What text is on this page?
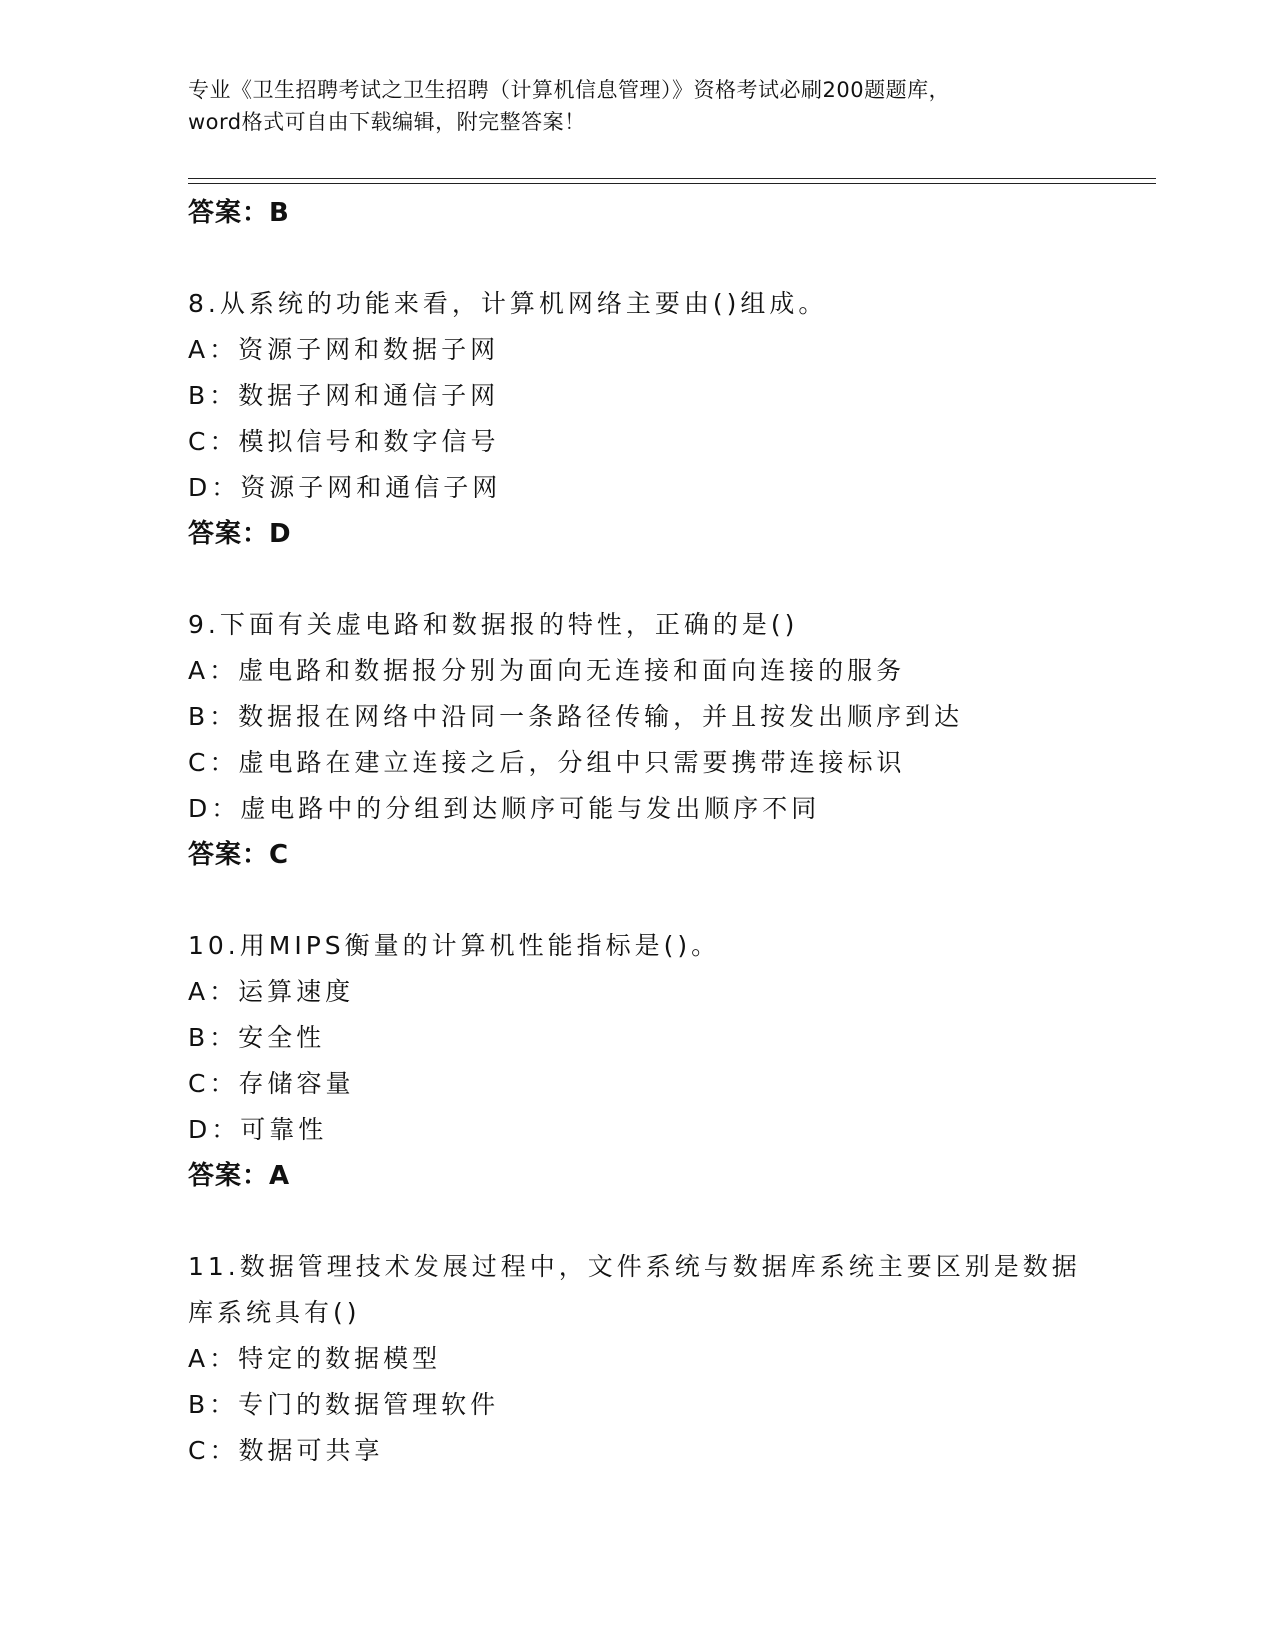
专业《卫生招聘考试之卫生招聘（计算机信息管理）》资格考试必刷200题题库，
word格式可自由下载编辑，附完整答案！
答案：B
8.从系统的功能来看，计算机网络主要由()组成。
A：资源子网和数据子网
B：数据子网和通信子网
C：模拟信号和数字信号
D：资源子网和通信子网
答案：D
9.下面有关虚电路和数据报的特性，正确的是()
A：虚电路和数据报分别为面向无连接和面向连接的服务
B：数据报在网络中沿同一条路径传输，并且按发出顺序到达
C：虚电路在建立连接之后，分组中只需要携带连接标识
D：虚电路中的分组到达顺序可能与发出顺序不同
答案：C
10.用MIPS衡量的计算机性能指标是()。
A：运算速度
B：安全性
C：存储容量
D：可靠性
答案：A
11.数据管理技术发展过程中，文件系统与数据库系统主要区别是数据
库系统具有()
A：特定的数据模型
B：专门的数据管理软件
C：数据可共享
